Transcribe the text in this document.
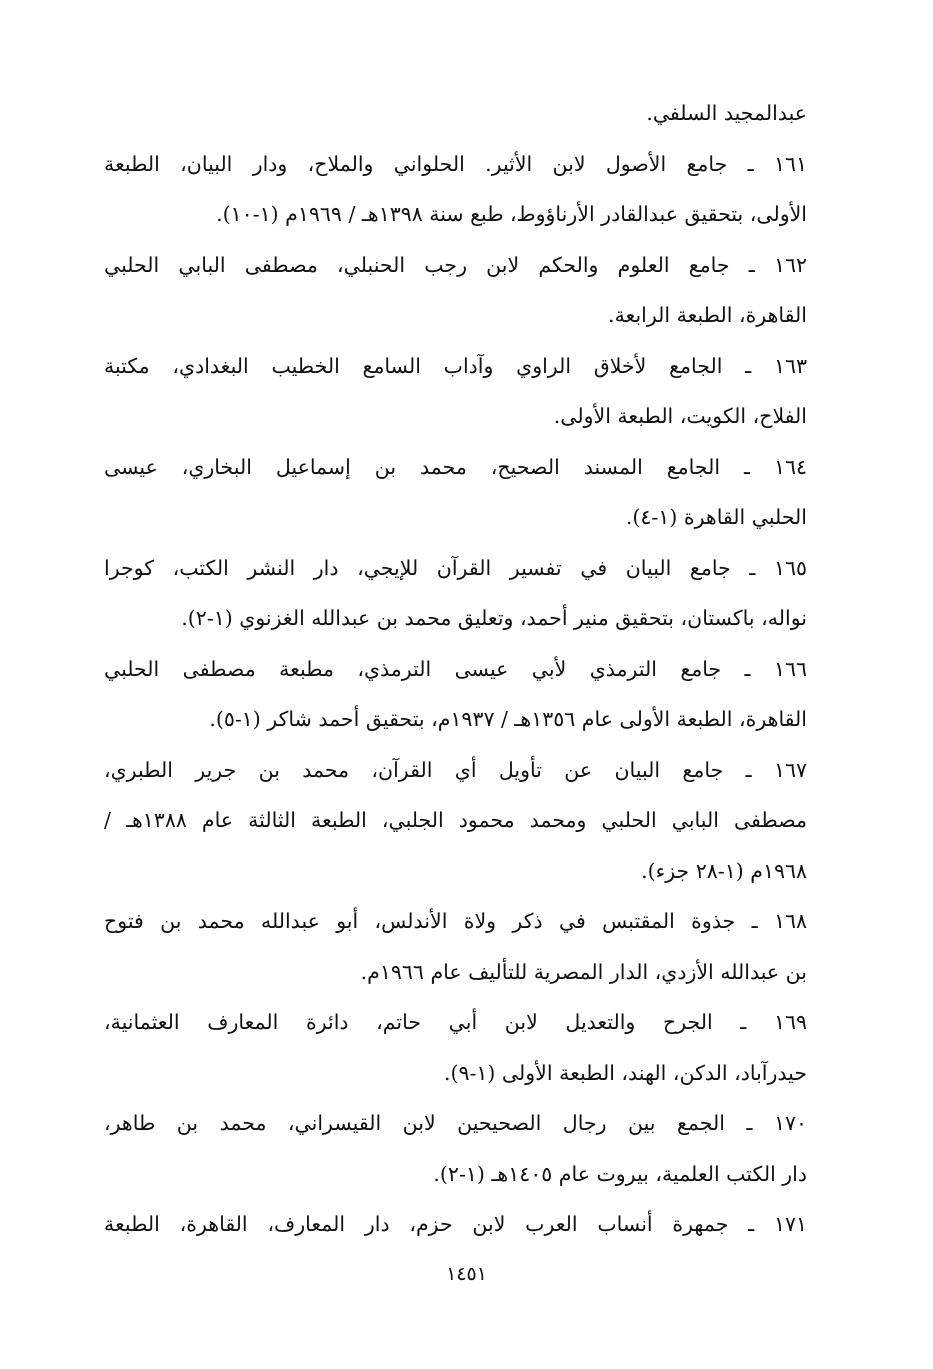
عبدالمجيد السلفي.
١٦١ ـ جامع الأصول لابن الأثير. الحلواني والملاح، ودار البيان، الطبعة
الأولى، بتحقيق عبدالقادر الأرناؤوط، طبع سنة ١٣٩٨هـ / ١٩٦٩م (١-١٠).
١٦٢ ـ جامع العلوم والحكم لابن رجب الحنبلي، مصطفى البابي الحلبي
القاهرة، الطبعة الرابعة.
١٦٣ ـ الجامع لأخلاق الراوي وآداب السامع الخطيب البغدادي، مكتبة
الفلاح، الكويت، الطبعة الأولى.
١٦٤ ـ الجامع المسند الصحيح، محمد بن إسماعيل البخاري، عيسى
الحلبي القاهرة (١-٤).
١٦٥ ـ جامع البيان في تفسير القرآن للإيجي، دار النشر الكتب، كوجرا
نواله، باكستان، بتحقيق منير أحمد، وتعليق محمد بن عبدالله الغزنوي (١-٢).
١٦٦ ـ جامع الترمذي لأبي عيسى الترمذي، مطبعة مصطفى الحلبي
القاهرة، الطبعة الأولى عام ١٣٥٦هـ / ١٩٣٧م، بتحقيق أحمد شاكر (١-٥).
١٦٧ ـ جامع البيان عن تأويل أي القرآن، محمد بن جرير الطبري،
مصطفى البابي الحلبي ومحمد محمود الجلبي، الطبعة الثالثة عام ١٣٨٨هـ /
١٩٦٨م (١-٢٨ جزء).
١٦٨ ـ جذوة المقتبس في ذكر ولاة الأندلس، أبو عبدالله محمد بن فتوح
بن عبدالله الأزدي، الدار المصرية للتأليف عام ١٩٦٦م.
١٦٩ ـ الجرح والتعديل لابن أبي حاتم، دائرة المعارف العثمانية،
حيدرآباد، الدكن، الهند، الطبعة الأولى (١-٩).
١٧٠ ـ الجمع بين رجال الصحيحين لابن القيسراني، محمد بن طاهر،
دار الكتب العلمية، بيروت عام ١٤٠٥هـ (١-٢).
١٧١ ـ جمهرة أنساب العرب لابن حزم، دار المعارف، القاهرة، الطبعة
١٤٥١
